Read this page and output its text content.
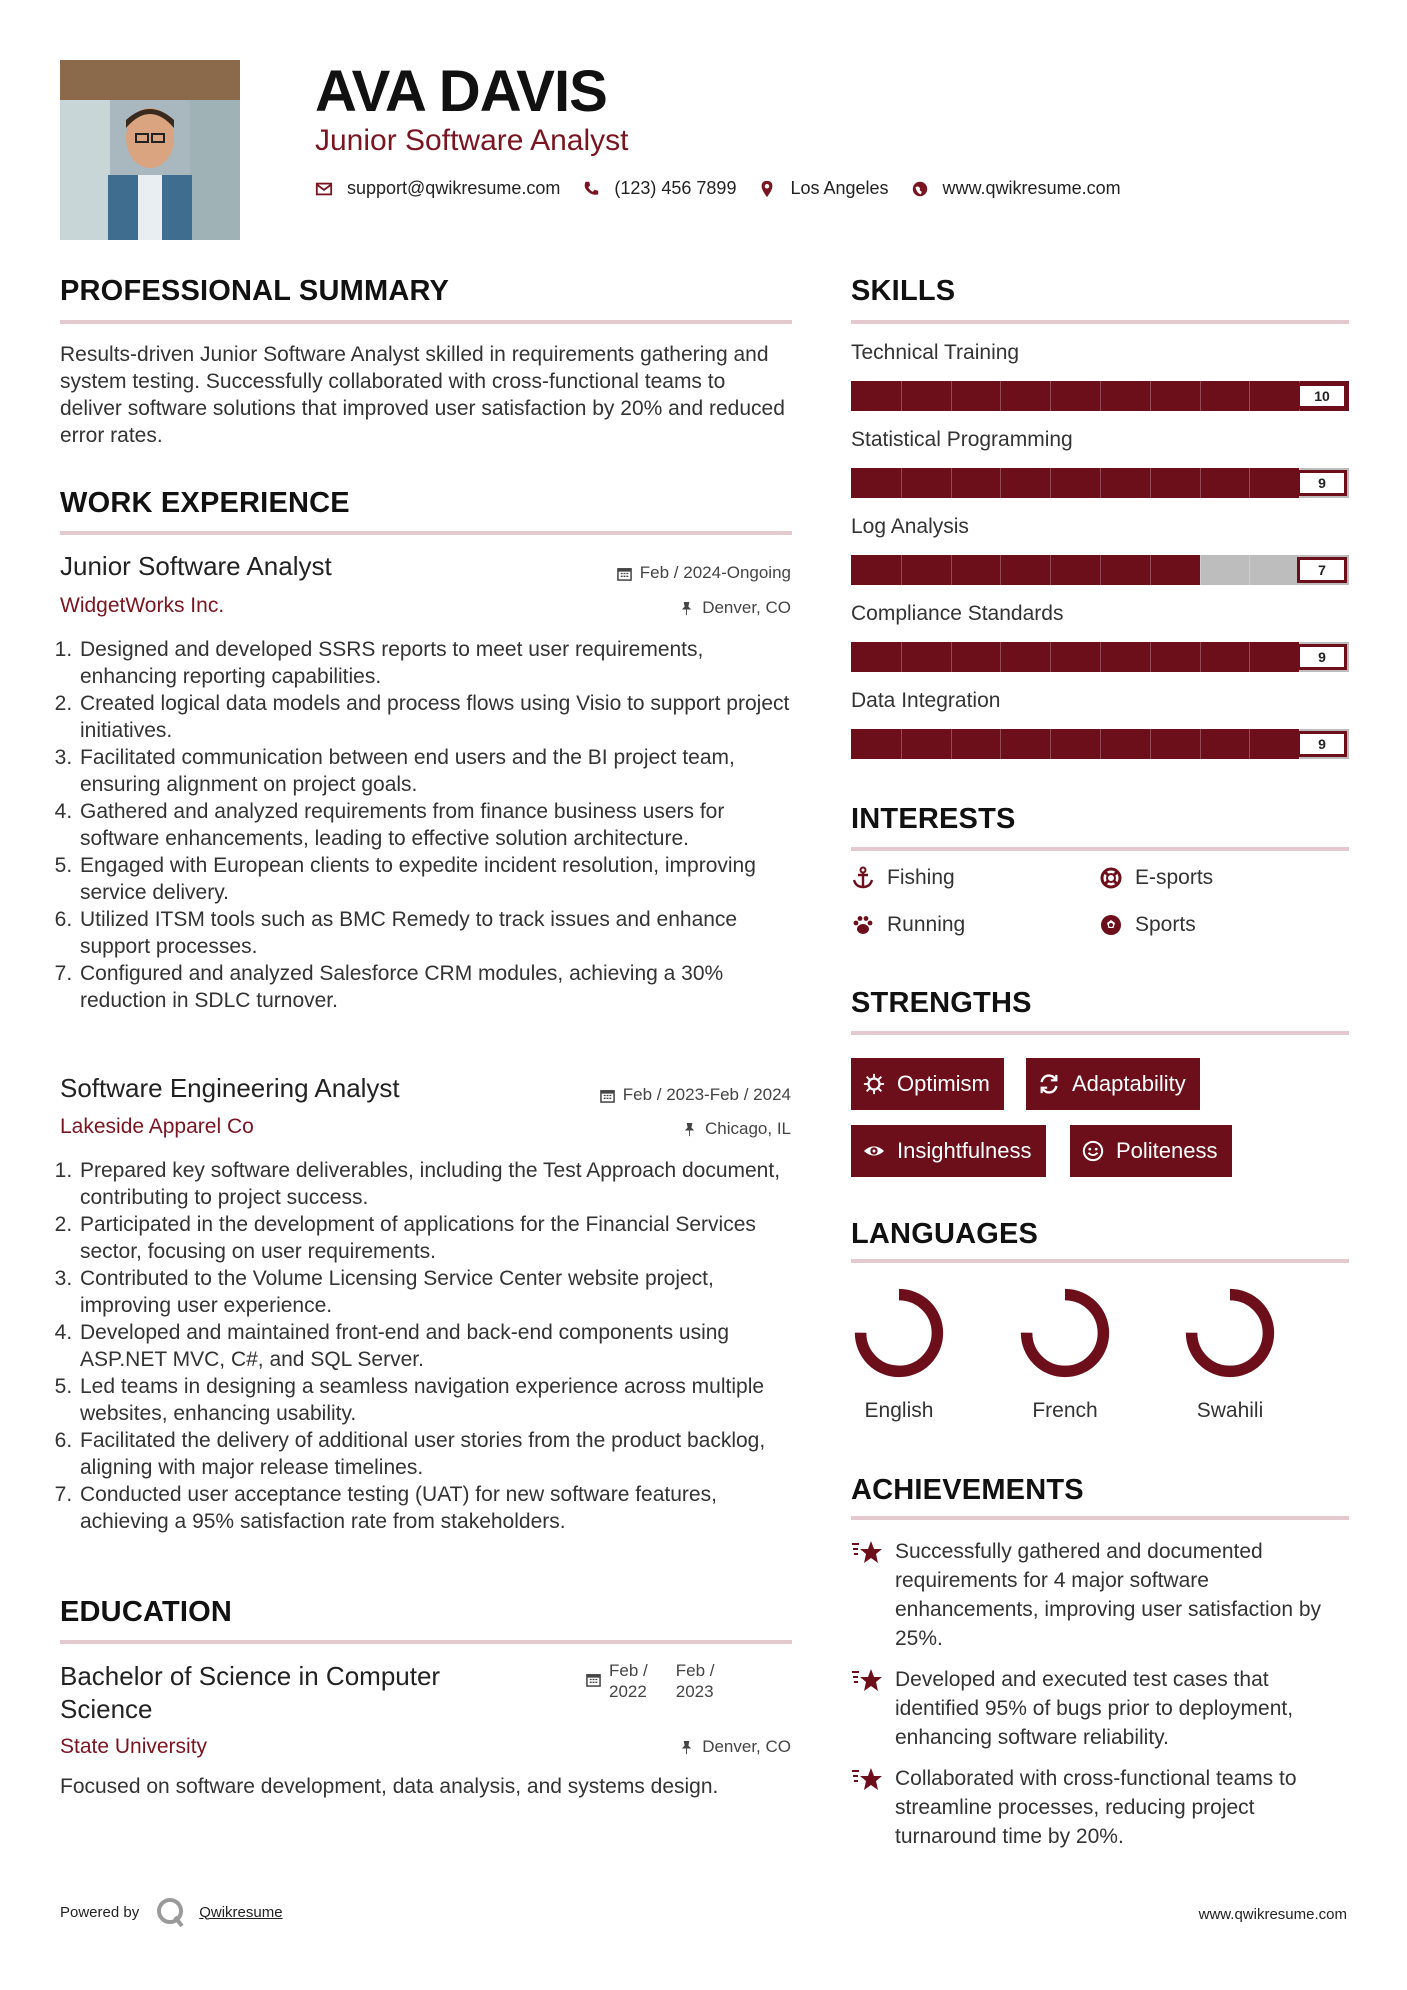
AVA DAVIS
Junior Software Analyst
support@qwikresume.com	(123) 456 7899	Los Angeles	www.qwikresume.com
PROFESSIONAL SUMMARY
Results-driven Junior Software Analyst skilled in requirements gathering and system testing. Successfully collaborated with cross-functional teams to deliver software solutions that improved user satisfaction by 20% and reduced error rates.
WORK EXPERIENCE
Junior Software Analyst	Feb / 2024-Ongoing
WidgetWorks Inc.	Denver, CO
1. Designed and developed SSRS reports to meet user requirements, enhancing reporting capabilities.
2. Created logical data models and process flows using Visio to support project initiatives.
3. Facilitated communication between end users and the BI project team, ensuring alignment on project goals.
4. Gathered and analyzed requirements from finance business users for software enhancements, leading to effective solution architecture.
5. Engaged with European clients to expedite incident resolution, improving service delivery.
6. Utilized ITSM tools such as BMC Remedy to track issues and enhance support processes.
7. Configured and analyzed Salesforce CRM modules, achieving a 30% reduction in SDLC turnover.
Software Engineering Analyst	Feb / 2023-Feb / 2024
Lakeside Apparel Co	Chicago, IL
1. Prepared key software deliverables, including the Test Approach document, contributing to project success.
2. Participated in the development of applications for the Financial Services sector, focusing on user requirements.
3. Contributed to the Volume Licensing Service Center website project, improving user experience.
4. Developed and maintained front-end and back-end components using ASP.NET MVC, C#, and SQL Server.
5. Led teams in designing a seamless navigation experience across multiple websites, enhancing usability.
6. Facilitated the delivery of additional user stories from the product backlog, aligning with major release timelines.
7. Conducted user acceptance testing (UAT) for new software features, achieving a 95% satisfaction rate from stakeholders.
EDUCATION
Bachelor of Science in Computer Science
Feb /
2022
Feb /
2023
State University	Denver, CO
Focused on software development, data analysis, and systems design.
SKILLS
Technical Training
10
Statistical Programming
9
Log Analysis
7
Compliance Standards
9
Data Integration
9
INTERESTS
Fishing	E-sports
Running	Sports
STRENGTHS
Optimism	Adaptability
Insightfulness	Politeness
LANGUAGES
English	French	Swahili
ACHIEVEMENTS
Successfully gathered and documented requirements for 4 major software enhancements, improving user satisfaction by 25%.
Developed and executed test cases that identified 95% of bugs prior to deployment, enhancing software reliability.
Collaborated with cross-functional teams to streamline processes, reducing project turnaround time by 20%.
Powered by	Qwikresume	www.qwikresume.com
